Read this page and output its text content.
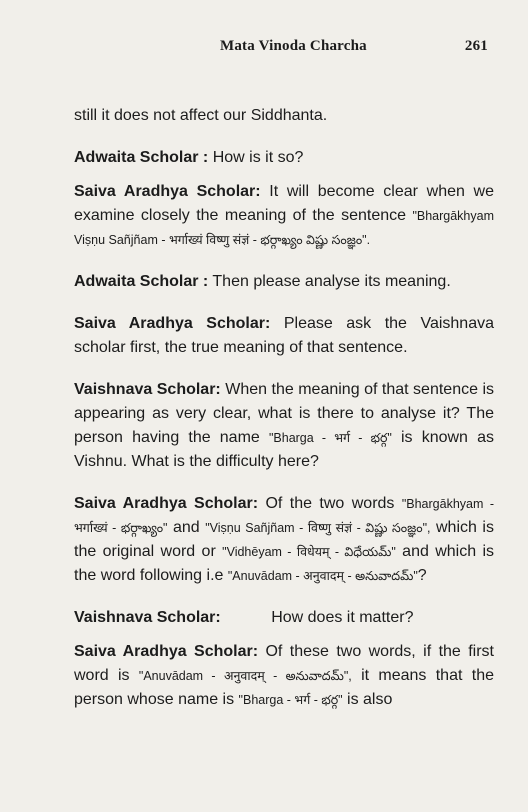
Mata Vinoda Charcha	261

still it does not affect our Siddhanta.

Adwaita Scholar : How is it so?

Saiva Aradhya Scholar: It will become clear when we examine closely the meaning of the sentence "Bhargākhyam Viṣṇu Sañjñam - भर्गाख्यं विष्णु संज्ञं - భర్గాఖ్యం విష్ణు సంజ్ఞం".

Adwaita Scholar : Then please analyse its meaning.

Saiva Aradhya Scholar: Please ask the Vaishnava scholar first, the true meaning of that sentence.

Vaishnava Scholar: When the meaning of that sentence is appearing as very clear, what is there to analyse it? The person having the name "Bharga - भर्ग - భర్గ" is known as Vishnu. What is the difficulty here?

Saiva Aradhya Scholar: Of the two words "Bhargākhyam - भर्गाख्यं - భర్గాఖ్యం" and "Viṣṇu Sañjñam - विष्णु संज्ञं - విష్ణు సంజ్ఞం", which is the original word or "Vidhēyam - विधेयम् - విధేయమ్" and which is the word following i.e "Anuvādam - अनुवादम् - అనువాదమ్"?

Vaishnava Scholar:	How does it matter?

Saiva Aradhya Scholar: Of these two words, if the first word is "Anuvādam - अनुवादम् - అనువాదమ్", it means that the person whose name is "Bharga - भर्ग - భర్గ" is also
